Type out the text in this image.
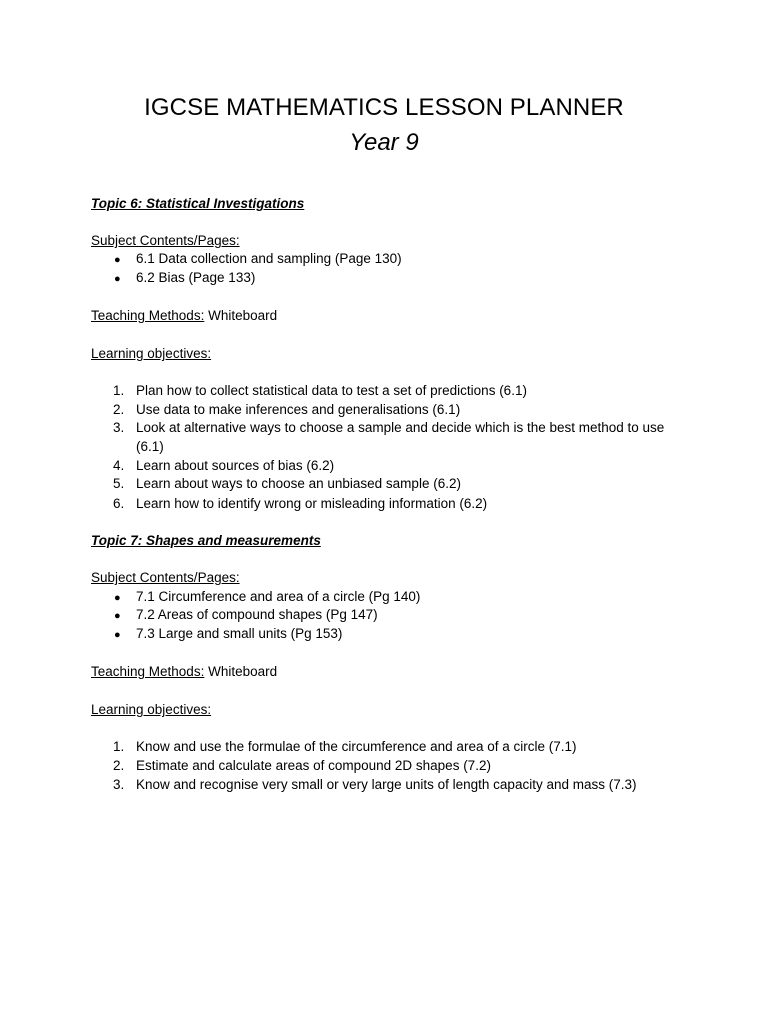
IGCSE MATHEMATICS LESSON PLANNER
Year 9
Topic 6: Statistical Investigations
Subject Contents/Pages:
● 6.1 Data collection and sampling (Page 130)
● 6.2 Bias (Page 133)
Teaching Methods: Whiteboard
Learning objectives:
1. Plan how to collect statistical data to test a set of predictions (6.1)
2. Use data to make inferences and generalisations (6.1)
3. Look at alternative ways to choose a sample and decide which is the best method to use
(6.1)
4. Learn about sources of bias (6.2)
5. Learn about ways to choose an unbiased sample (6.2)
6. Learn how to identify wrong or misleading information (6.2)
Topic 7: Shapes and measurements
Subject Contents/Pages:
● 7.1 Circumference and area of a circle (Pg 140)
● 7.2 Areas of compound shapes (Pg 147)
● 7.3 Large and small units (Pg 153)
Teaching Methods: Whiteboard
Learning objectives:
1. Know and use the formulae of the circumference and area of a circle (7.1)
2. Estimate and calculate areas of compound 2D shapes (7.2)
3. Know and recognise very small or very large units of length capacity and mass (7.3)
